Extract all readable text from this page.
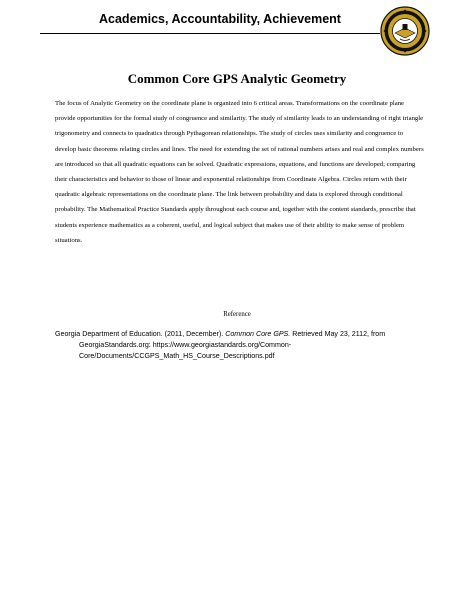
Academics, Accountability, Achievement
Common Core GPS Analytic Geometry

The focus of Analytic Geometry on the coordinate plane is organized into 6 critical areas. Transformations on the coordinate plane provide opportunities for the formal study of congruence and similarity. The study of similarity leads to an understanding of right triangle trigonometry and connects to quadratics through Pythagorean relationships. The study of circles uses similarity and congruence to develop basic theorems relating circles and lines. The need for extending the set of rational numbers arises and real and complex numbers are introduced so that all quadratic equations can be solved. Quadratic expressions, equations, and functions are developed; comparing their characteristics and behavior to those of linear and exponential relationships from Coordinate Algebra. Circles return with their quadratic algebraic representations on the coordinate plane. The link between probability and data is explored through conditional probability. The Mathematical Practice Standards apply throughout each course and, together with the content standards, prescribe that students experience mathematics as a coherent, useful, and logical subject that makes use of their ability to make sense of problem situations.

Reference

Georgia Department of Education. (2011, December). Common Core GPS. Retrieved May 23, 2112, from GeorgiaStandards.org: https://www.georgiastandards.org/Common-Core/Documents/CCGPS_Math_HS_Course_Descriptions.pdf
